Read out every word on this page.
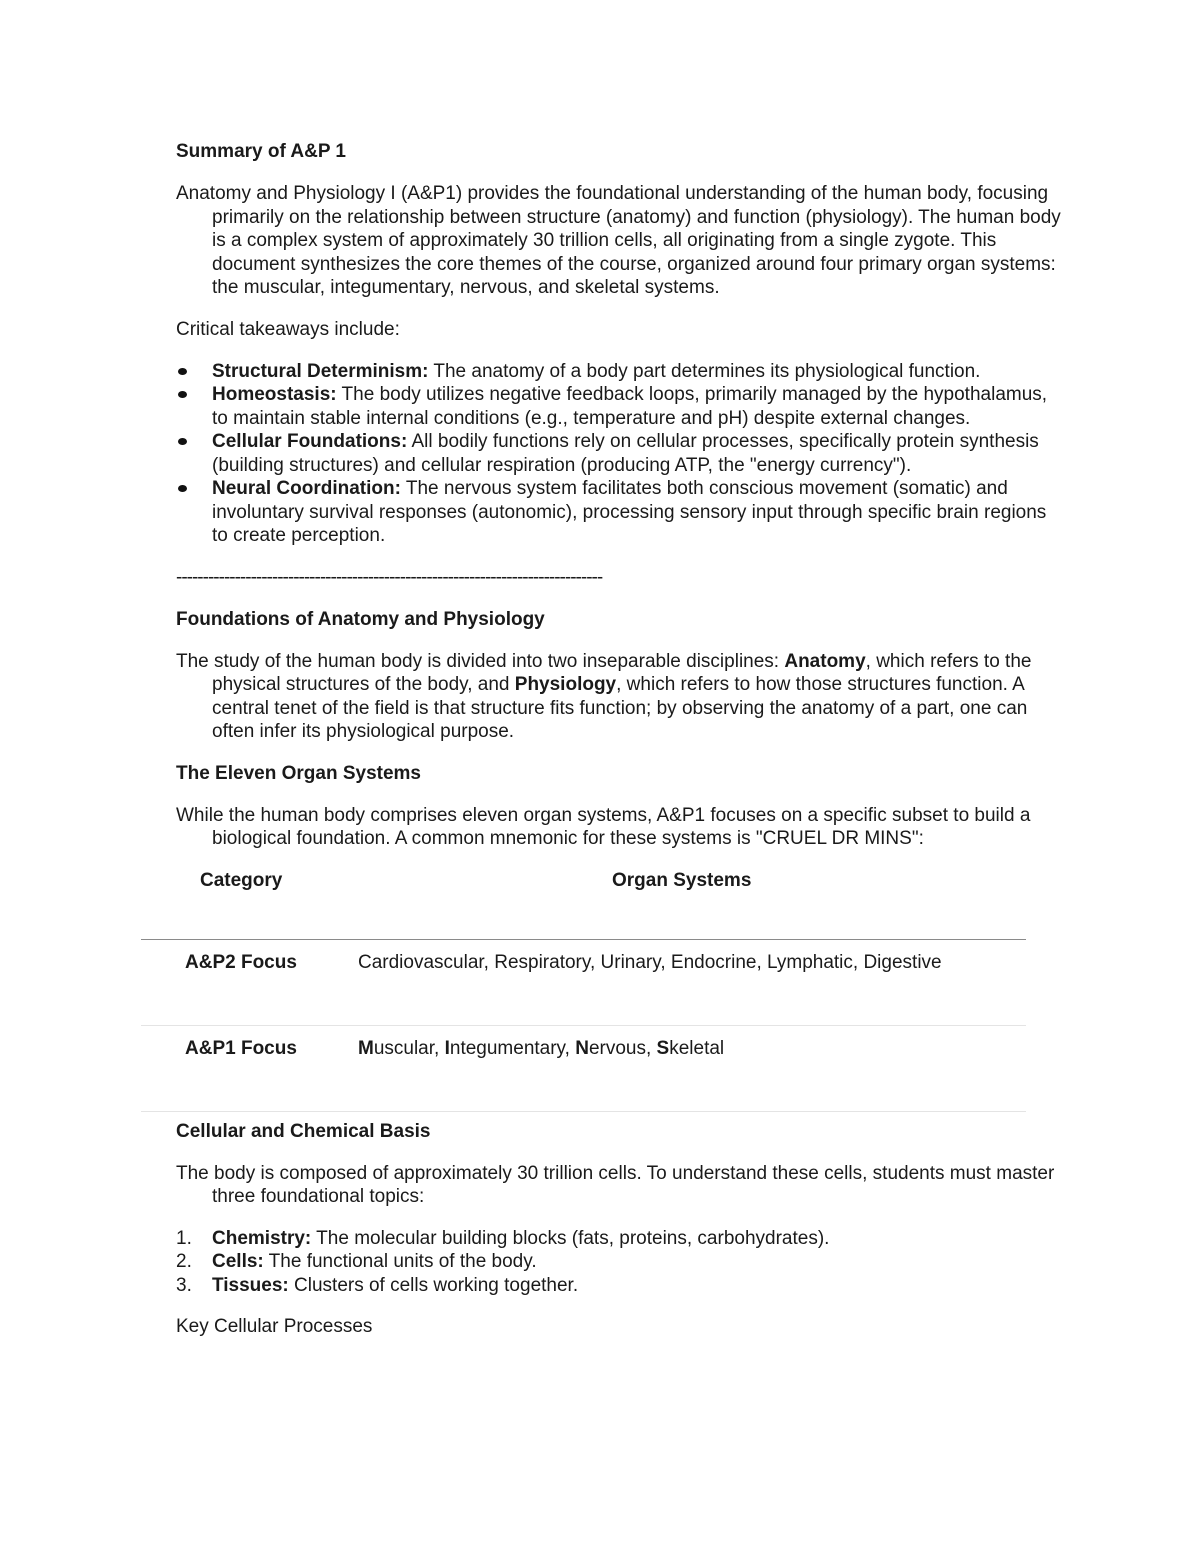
Summary of A&P 1
Anatomy and Physiology I (A&P1) provides the foundational understanding of the human body, focusing primarily on the relationship between structure (anatomy) and function (physiology). The human body is a complex system of approximately 30 trillion cells, all originating from a single zygote. This document synthesizes the core themes of the course, organized around four primary organ systems: the muscular, integumentary, nervous, and skeletal systems.
Critical takeaways include:
Structural Determinism: The anatomy of a body part determines its physiological function.
Homeostasis: The body utilizes negative feedback loops, primarily managed by the hypothalamus, to maintain stable internal conditions (e.g., temperature and pH) despite external changes.
Cellular Foundations: All bodily functions rely on cellular processes, specifically protein synthesis (building structures) and cellular respiration (producing ATP, the "energy currency").
Neural Coordination: The nervous system facilitates both conscious movement (somatic) and involuntary survival responses (autonomic), processing sensory input through specific brain regions to create perception.
--------------------------------------------------------------------------------
Foundations of Anatomy and Physiology
The study of the human body is divided into two inseparable disciplines: Anatomy, which refers to the physical structures of the body, and Physiology, which refers to how those structures function. A central tenet of the field is that structure fits function; by observing the anatomy of a part, one can often infer its physiological purpose.
The Eleven Organ Systems
While the human body comprises eleven organ systems, A&P1 focuses on a specific subset to build a biological foundation. A common mnemonic for these systems is "CRUEL DR MINS":
Category	Organ Systems
A&P2 Focus	Cardiovascular, Respiratory, Urinary, Endocrine, Lymphatic, Digestive
A&P1 Focus	Muscular, Integumentary, Nervous, Skeletal
Cellular and Chemical Basis
The body is composed of approximately 30 trillion cells. To understand these cells, students must master three foundational topics:
1. Chemistry: The molecular building blocks (fats, proteins, carbohydrates).
2. Cells: The functional units of the body.
3. Tissues: Clusters of cells working together.
Key Cellular Processes
